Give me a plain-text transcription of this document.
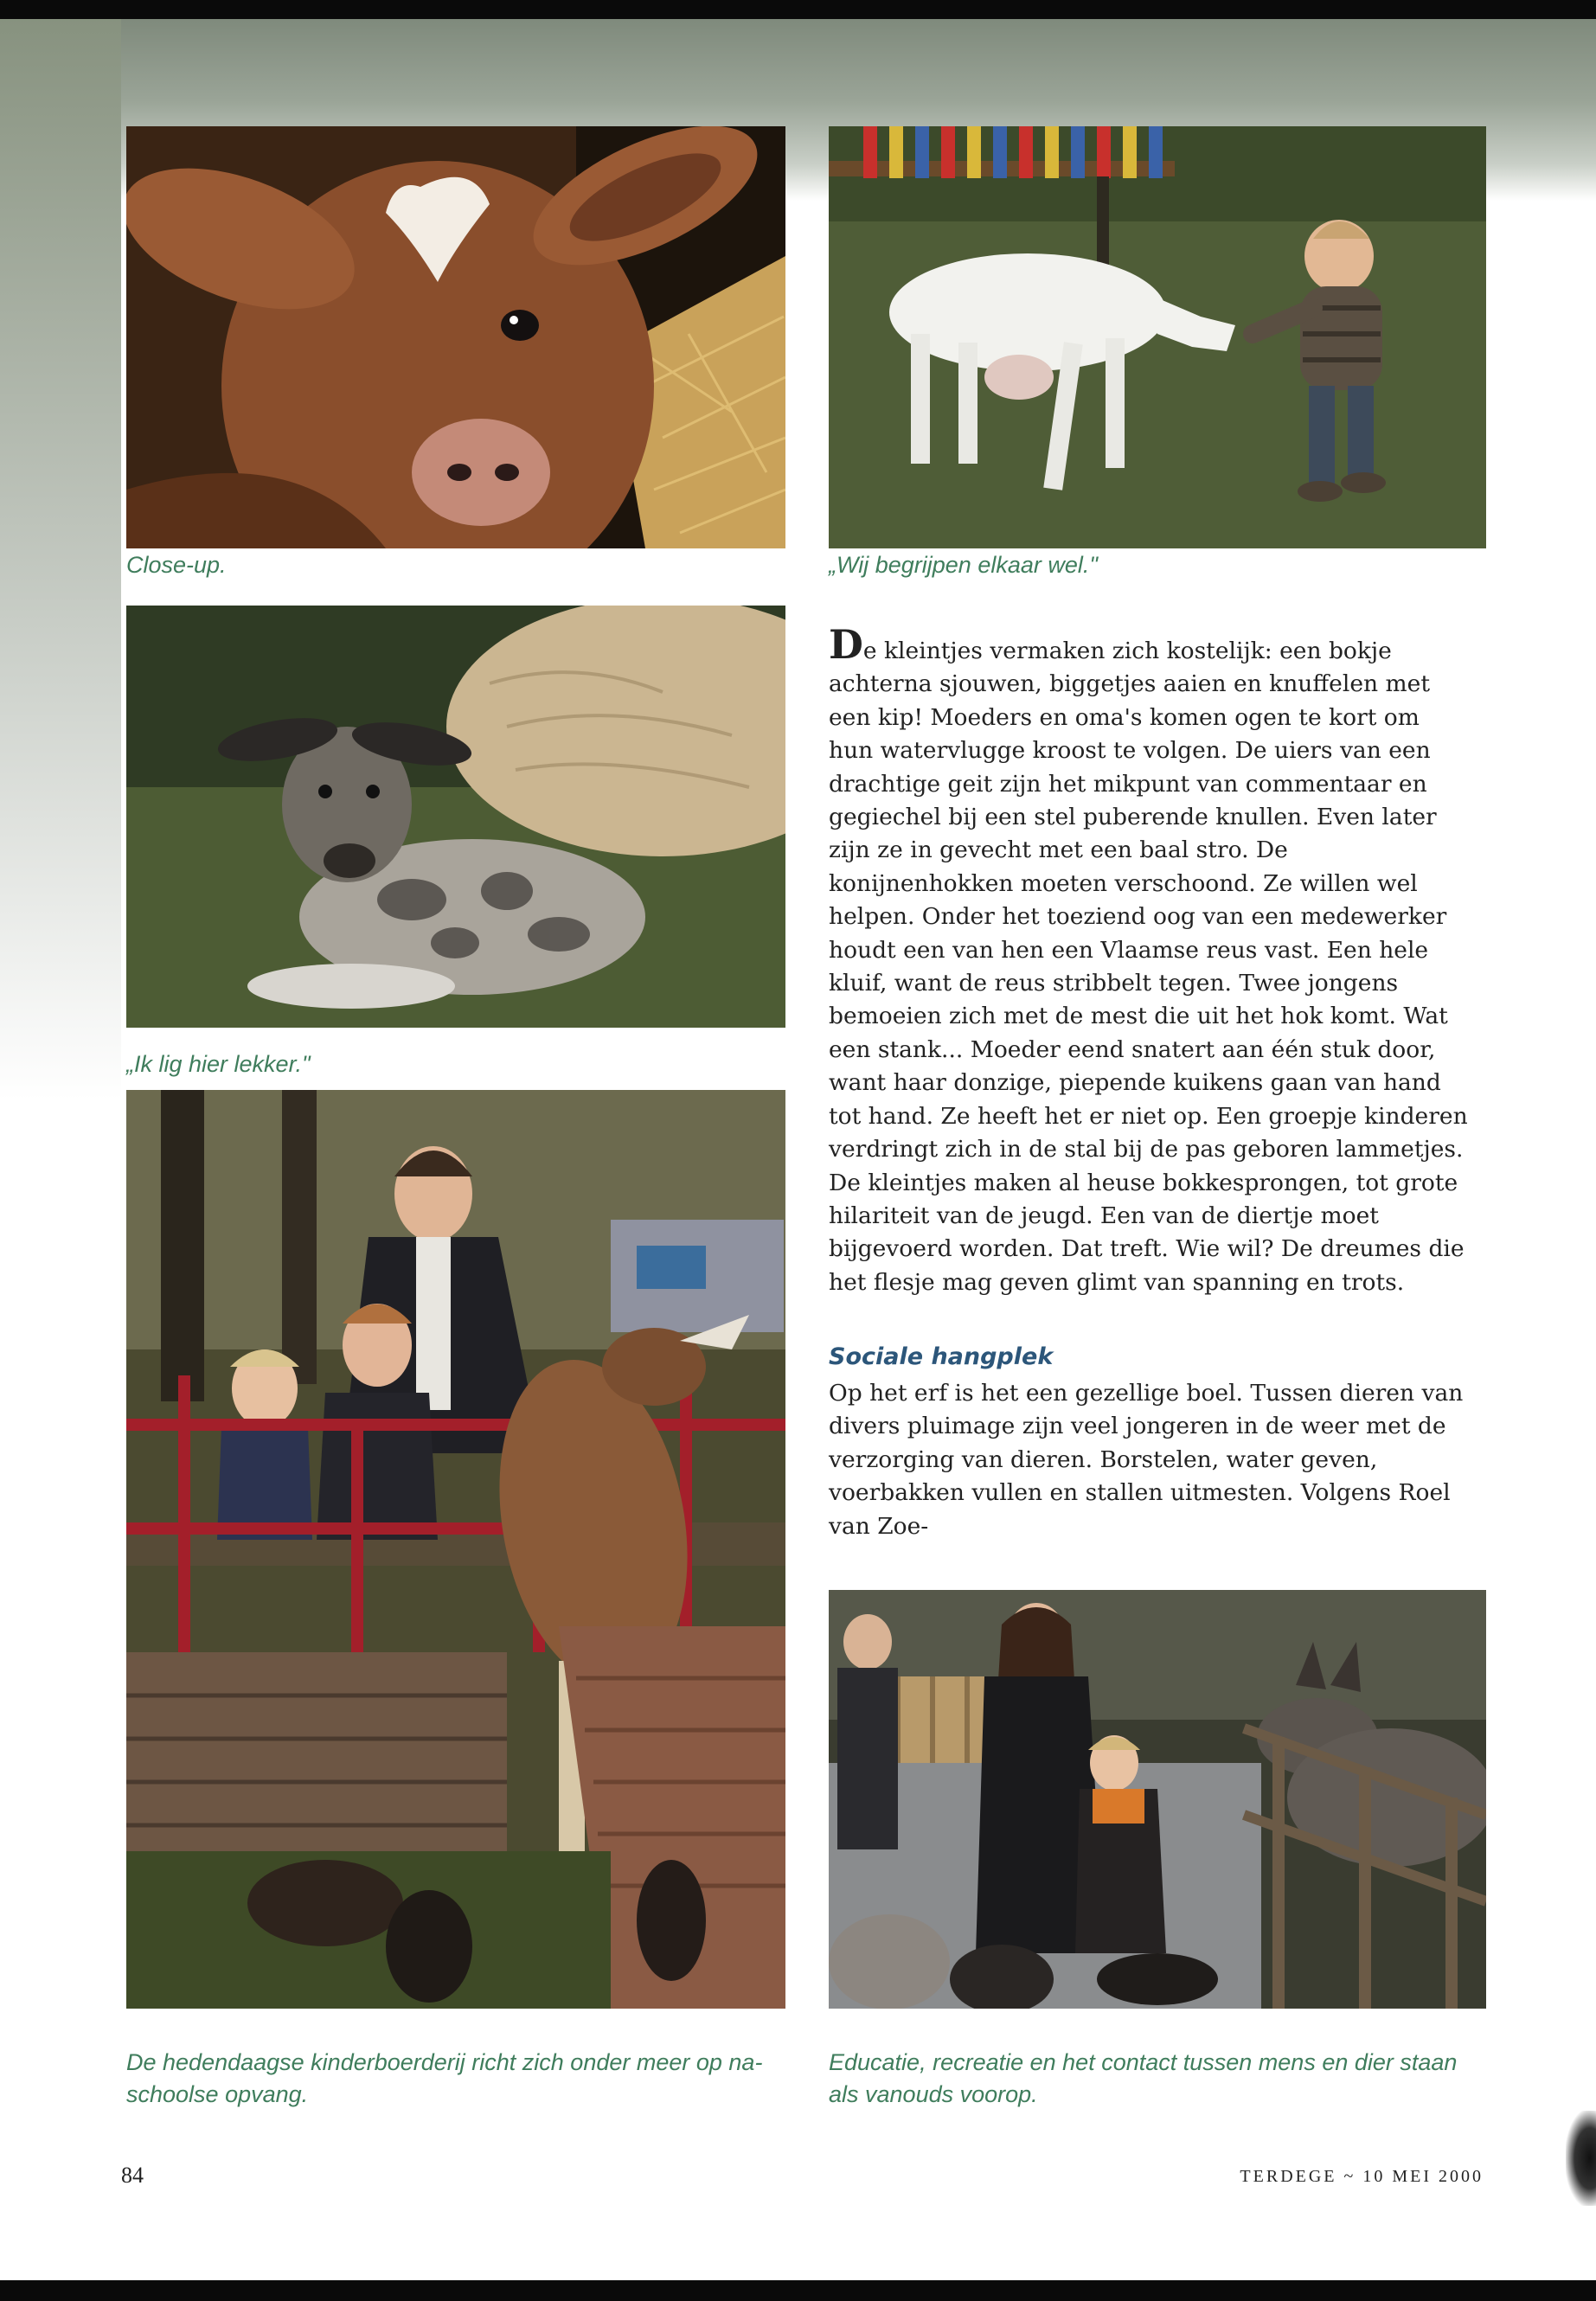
Close-up.	„Wij begrijpen elkaar wel."

„Ik lig hier lekker."

De kleintjes vermaken zich kostelijk: een bokje achterna sjouwen, biggetjes aaien en knuffelen met een kip! Moeders en oma's komen ogen te kort om hun watervlugge kroost te volgen. De uiers van een drachtige geit zijn het mikpunt van commentaar en gegiechel bij een stel puberende knullen. Even later zijn ze in gevecht met een baal stro. De konijnenhokken moeten verschoond. Ze willen wel helpen. Onder het toeziend oog van een medewerker houdt een van hen een Vlaamse reus vast. Een hele kluif, want de reus stribbelt tegen. Twee jongens bemoeien zich met de mest die uit het hok komt. Wat een stank... Moeder eend snatert aan één stuk door, want haar donzige, piepende kuikens gaan van hand tot hand. Ze heeft het er niet op. Een groepje kinderen verdringt zich in de stal bij de pas geboren lammetjes. De kleintjes maken al heuse bokkesprongen, tot grote hilariteit van de jeugd. Een van de diertje moet bijgevoerd worden. Dat treft. Wie wil? De dreumes die het flesje mag geven glimt van spanning en trots.

Sociale hangplek

Op het erf is het een gezellige boel. Tussen dieren van divers pluimage zijn veel jongeren in de weer met de verzorging van dieren. Borstelen, water geven, voerbakken vullen en stallen uitmesten. Volgens Roel van Zoe-

De hedendaagse kinderboerderij richt zich onder meer op na-schoolse opvang.

Educatie, recreatie en het contact tussen mens en dier staan als vanouds voorop.

84	TERDEGE ~ 10 MEI 2000
